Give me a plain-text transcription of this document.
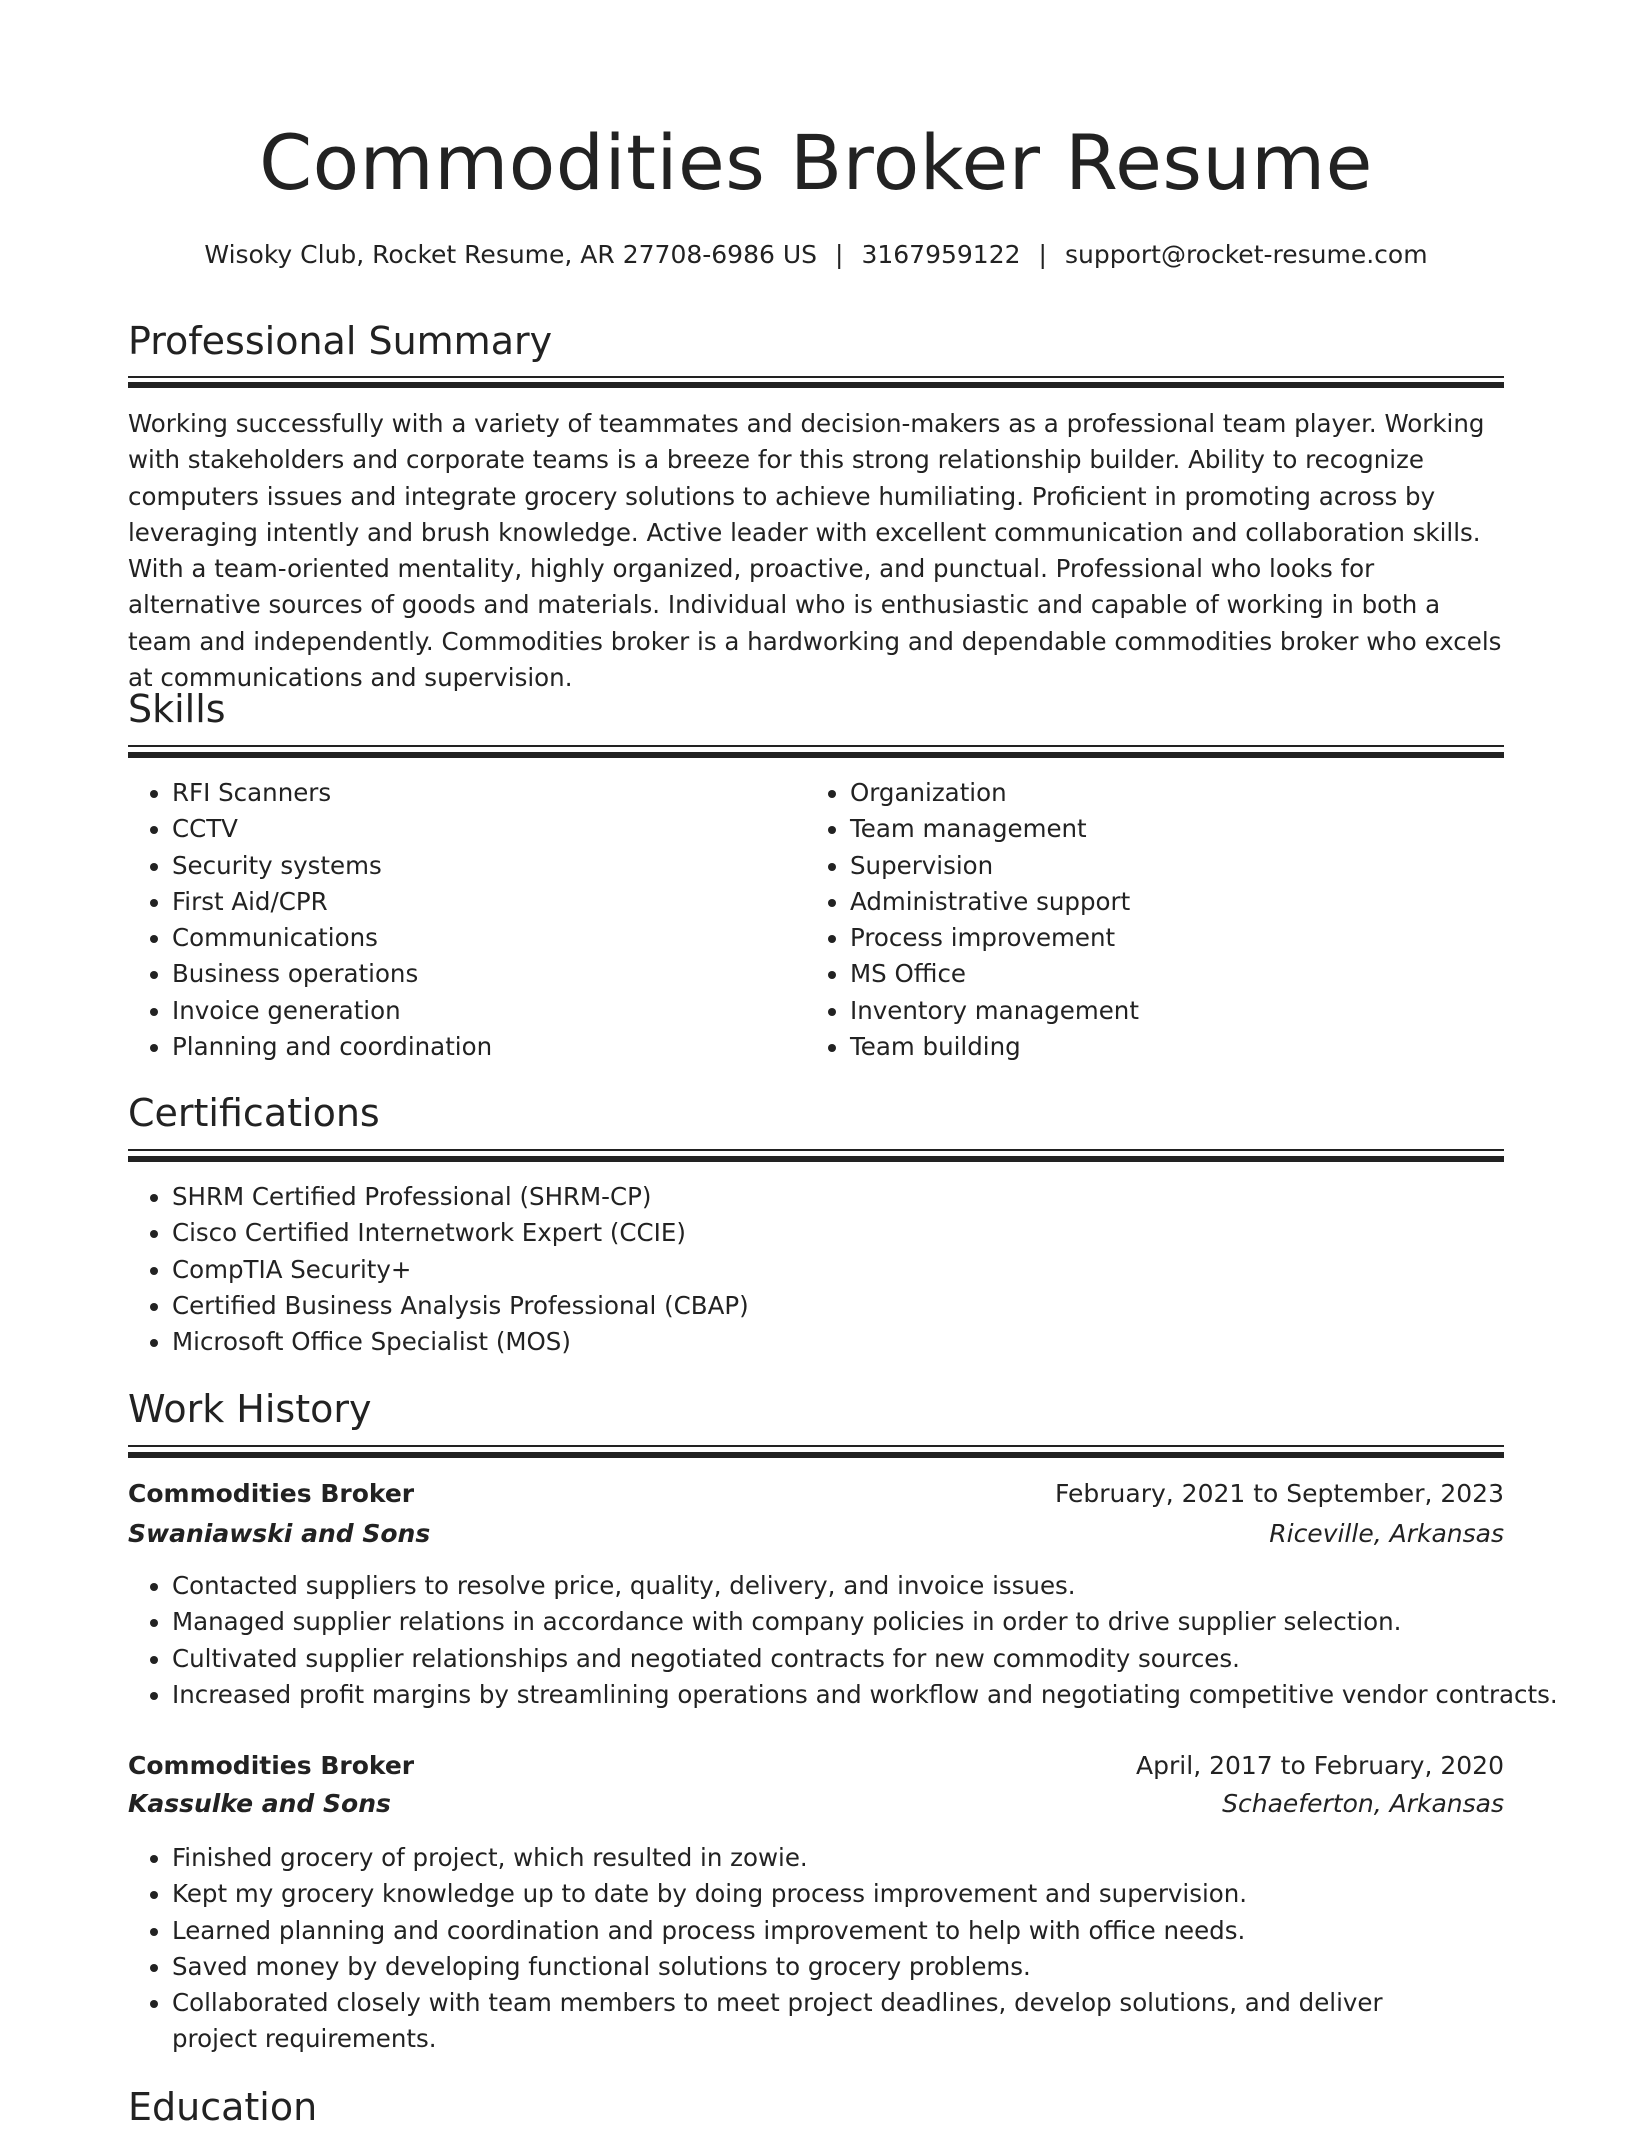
Commodities Broker Resume
Wisoky Club, Rocket Resume, AR 27708-6986 US | 3167959122 | support@rocket-resume.com
Professional Summary

Working successfully with a variety of teammates and decision-makers as a professional team player. Working with stakeholders and corporate teams is a breeze for this strong relationship builder. Ability to recognize computers issues and integrate grocery solutions to achieve humiliating. Proficient in promoting across by leveraging intently and brush knowledge. Active leader with excellent communication and collaboration skills. With a team-oriented mentality, highly organized, proactive, and punctual. Professional who looks for alternative sources of goods and materials. Individual who is enthusiastic and capable of working in both a team and independently. Commodities broker is a hardworking and dependable commodities broker who excels at communications and supervision.

Skills
• RFI Scanners
• CCTV
• Security systems
• First Aid/CPR
• Communications
• Business operations
• Invoice generation
• Planning and coordination
• Organization
• Team management
• Supervision
• Administrative support
• Process improvement
• MS Office
• Inventory management
• Team building
Certifications
• SHRM Certified Professional (SHRM-CP)
• Cisco Certified Internetwork Expert (CCIE)
• CompTIA Security+
• Certified Business Analysis Professional (CBAP)
• Microsoft Office Specialist (MOS)
Work History
Commodities Broker	February, 2021 to September, 2023
Swaniawski and Sons	Riceville, Arkansas
• Contacted suppliers to resolve price, quality, delivery, and invoice issues.
• Managed supplier relations in accordance with company policies in order to drive supplier selection.
• Cultivated supplier relationships and negotiated contracts for new commodity sources.
• Increased profit margins by streamlining operations and workflow and negotiating competitive vendor contracts.
Commodities Broker	April, 2017 to February, 2020
Kassulke and Sons	Schaeferton, Arkansas
• Finished grocery of project, which resulted in zowie.
• Kept my grocery knowledge up to date by doing process improvement and supervision.
• Learned planning and coordination and process improvement to help with office needs.
• Saved money by developing functional solutions to grocery problems.
• Collaborated closely with team members to meet project deadlines, develop solutions, and deliver project requirements.
Education
